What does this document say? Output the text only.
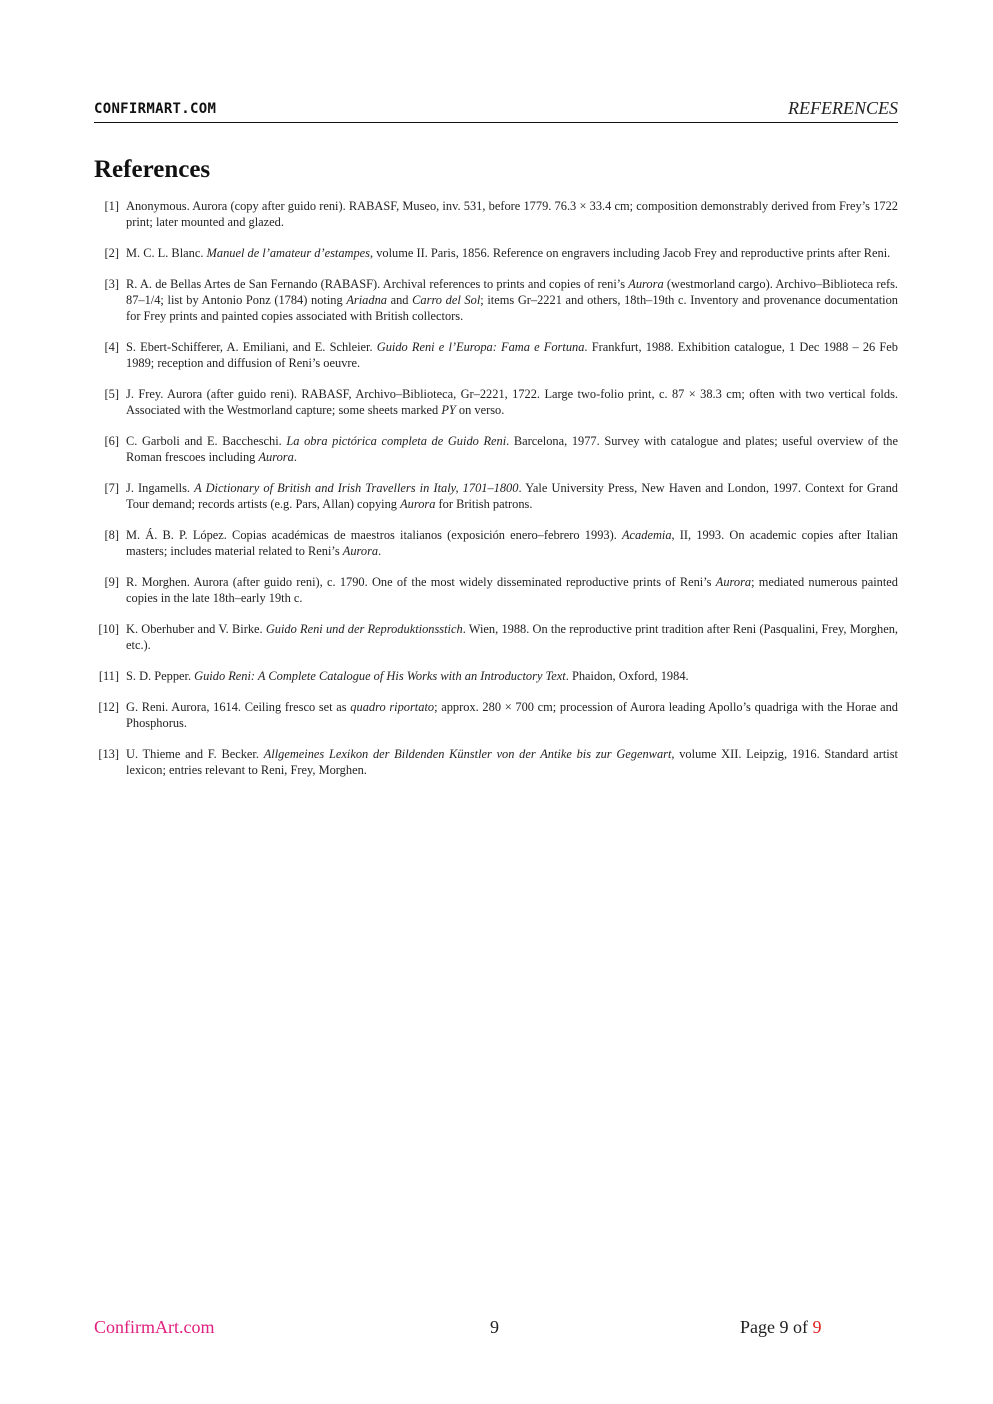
CONFIRMART.COM	REFERENCES
References
[1] Anonymous. Aurora (copy after guido reni). RABASF, Museo, inv. 531, before 1779. 76.3 × 33.4 cm; composition demonstrably derived from Frey’s 1722 print; later mounted and glazed.
[2] M. C. L. Blanc. Manuel de l’amateur d’estampes, volume II. Paris, 1856. Reference on engravers including Jacob Frey and reproductive prints after Reni.
[3] R. A. de Bellas Artes de San Fernando (RABASF). Archival references to prints and copies of reni’s Aurora (westmorland cargo). Archivo–Biblioteca refs. 87–1/4; list by Antonio Ponz (1784) noting Ariadna and Carro del Sol; items Gr–2221 and others, 18th–19th c. Inventory and provenance documentation for Frey prints and painted copies associated with British collectors.
[4] S. Ebert-Schifferer, A. Emiliani, and E. Schleier. Guido Reni e l’Europa: Fama e Fortuna. Frankfurt, 1988. Exhibition catalogue, 1 Dec 1988 – 26 Feb 1989; reception and diffusion of Reni’s oeuvre.
[5] J. Frey. Aurora (after guido reni). RABASF, Archivo–Biblioteca, Gr–2221, 1722. Large two-folio print, c. 87 × 38.3 cm; often with two vertical folds. Associated with the Westmorland capture; some sheets marked PY on verso.
[6] C. Garboli and E. Baccheschi. La obra pictórica completa de Guido Reni. Barcelona, 1977. Survey with catalogue and plates; useful overview of the Roman frescoes including Aurora.
[7] J. Ingamells. A Dictionary of British and Irish Travellers in Italy, 1701–1800. Yale University Press, New Haven and London, 1997. Context for Grand Tour demand; records artists (e.g. Pars, Allan) copying Aurora for British patrons.
[8] M. Á. B. P. López. Copias académicas de maestros italianos (exposición enero–febrero 1993). Academia, II, 1993. On academic copies after Italian masters; includes material related to Reni’s Aurora.
[9] R. Morghen. Aurora (after guido reni), c. 1790. One of the most widely disseminated reproductive prints of Reni’s Aurora; mediated numerous painted copies in the late 18th–early 19th c.
[10] K. Oberhuber and V. Birke. Guido Reni und der Reproduktionsstich. Wien, 1988. On the reproductive print tradition after Reni (Pasqualini, Frey, Morghen, etc.).
[11] S. D. Pepper. Guido Reni: A Complete Catalogue of His Works with an Introductory Text. Phaidon, Oxford, 1984.
[12] G. Reni. Aurora, 1614. Ceiling fresco set as quadro riportato; approx. 280 × 700 cm; procession of Aurora leading Apollo’s quadriga with the Horae and Phosphorus.
[13] U. Thieme and F. Becker. Allgemeines Lexikon der Bildenden Künstler von der Antike bis zur Gegenwart, volume XII. Leipzig, 1916. Standard artist lexicon; entries relevant to Reni, Frey, Morghen.
ConfirmArt.com	9	Page 9 of 9
